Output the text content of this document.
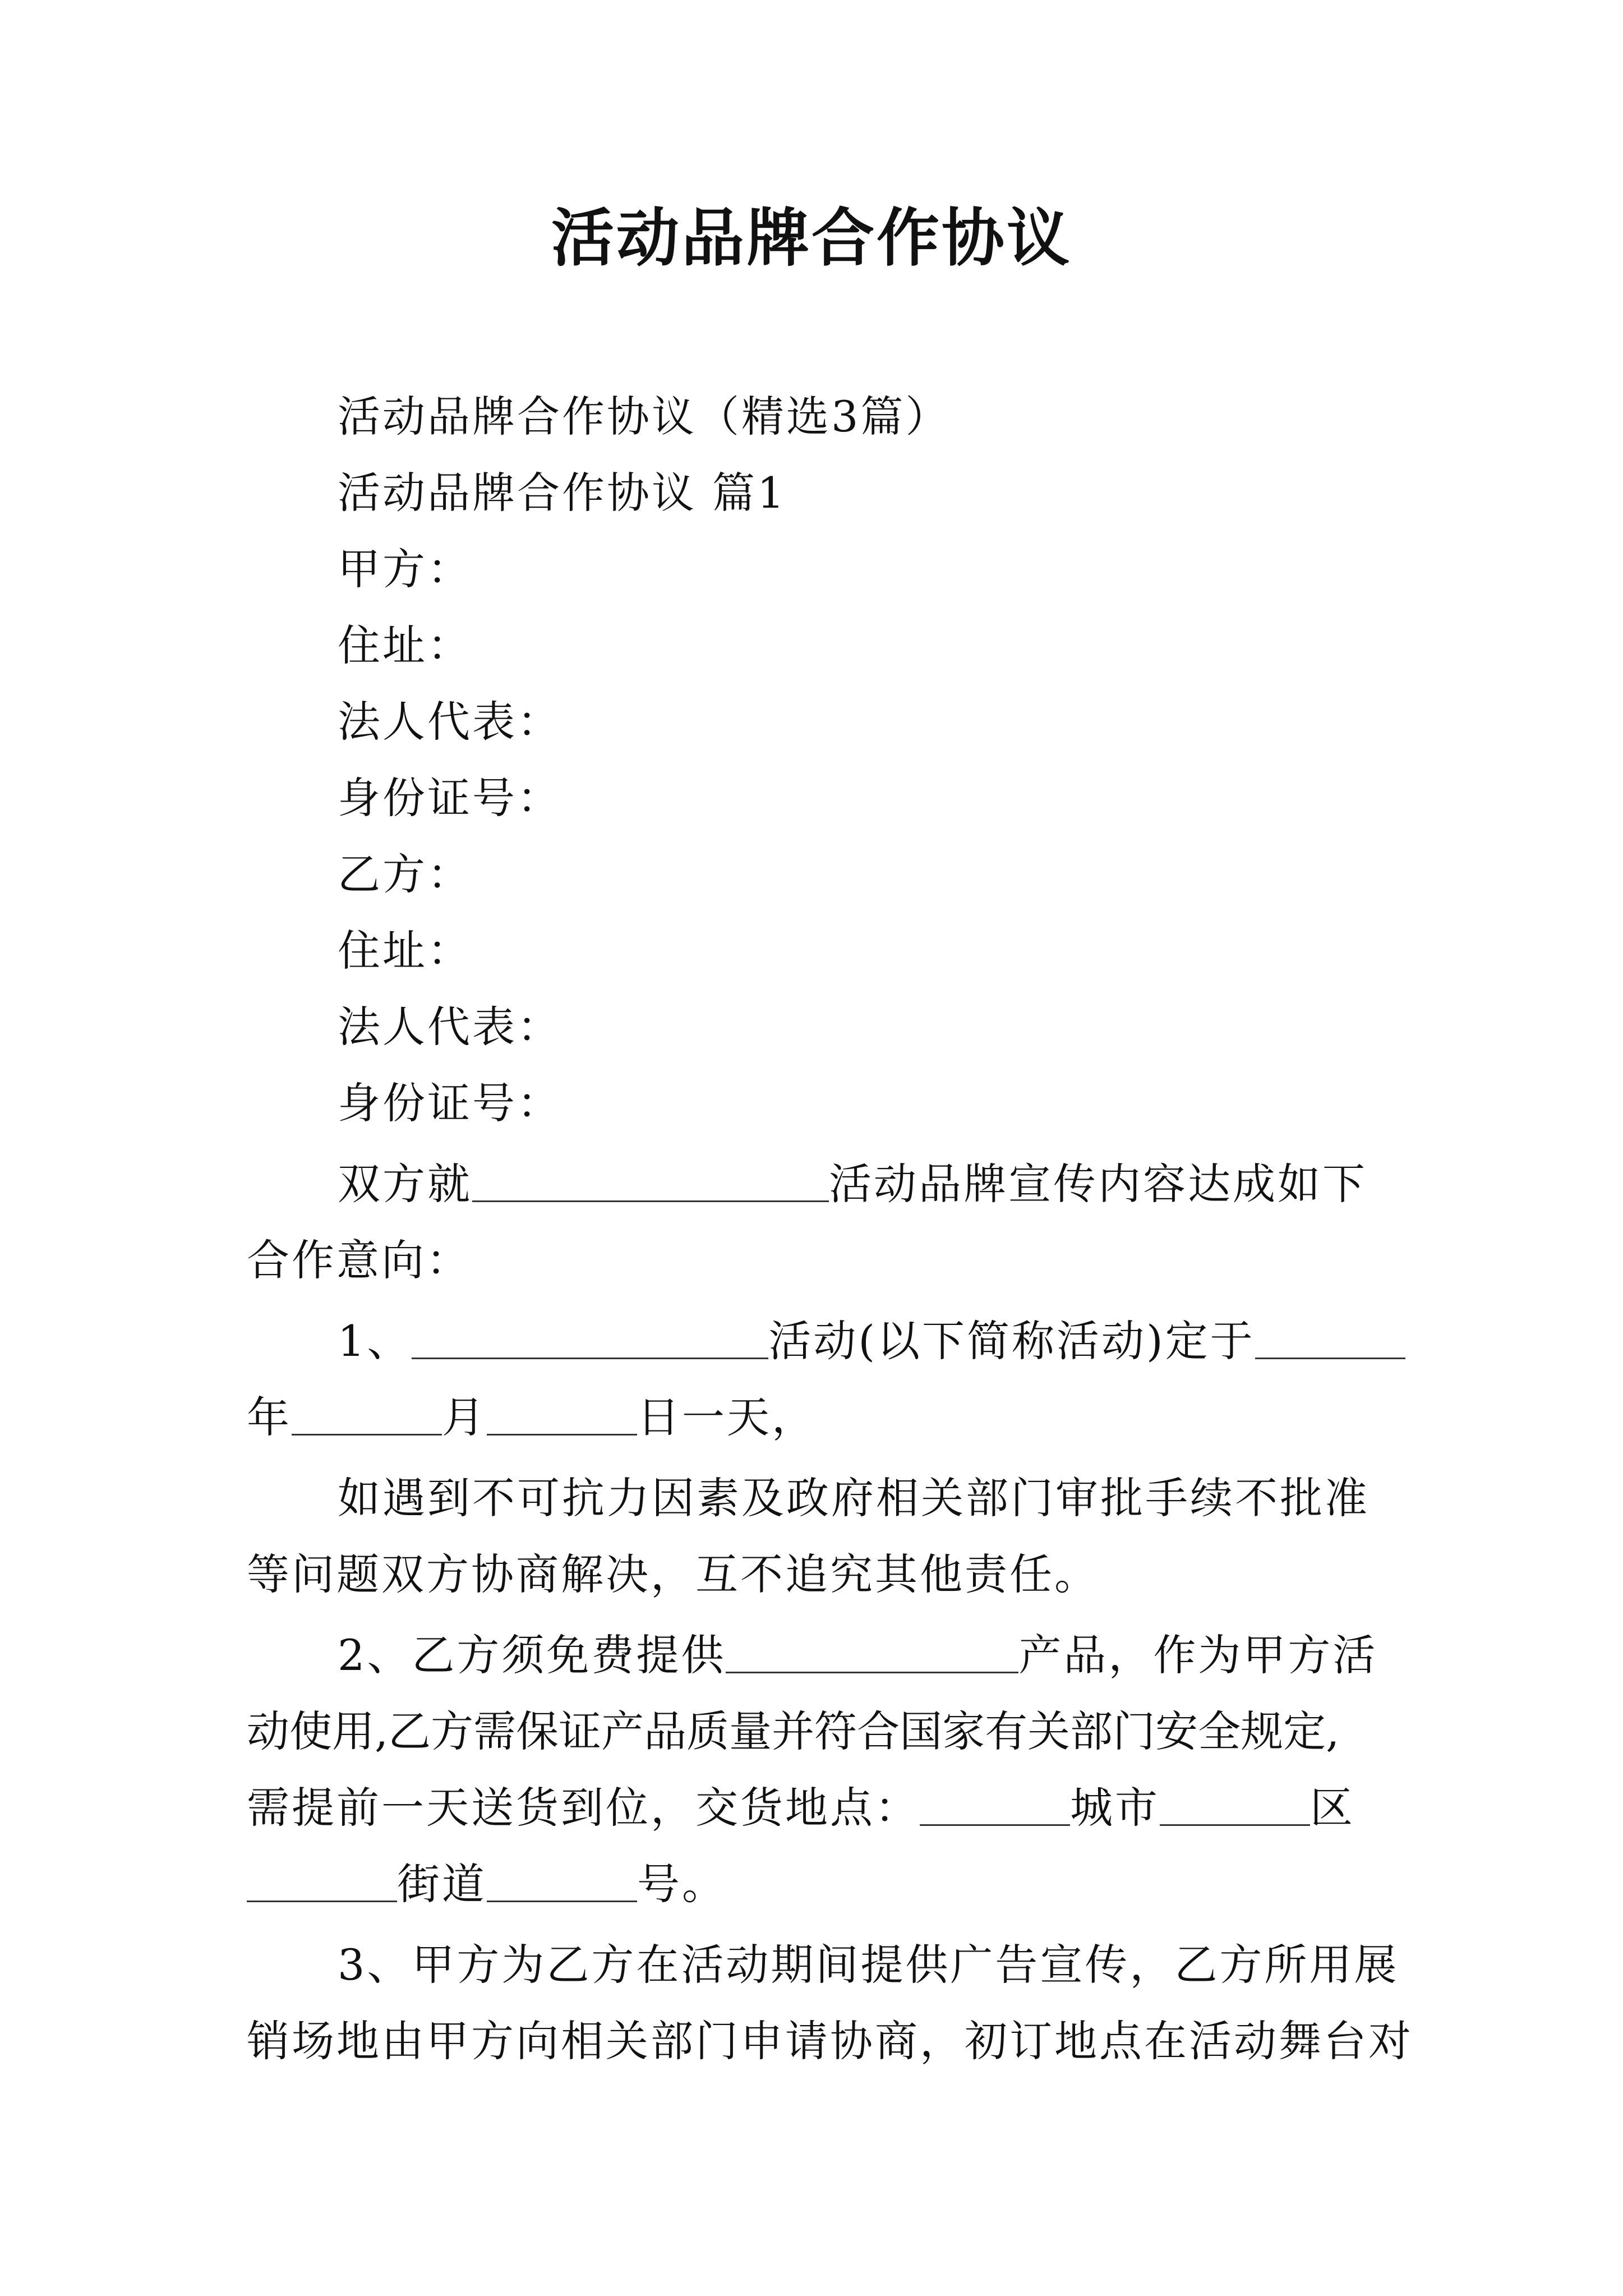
活动品牌合作协议
活动品牌合作协议（精选3篇）
活动品牌合作协议 篇1
甲方：
住址：
法人代表：
身份证号：
乙方：
住址：
法人代表：
身份证号：
双方就	活动品牌宣传内容达成如下
合作意向：
1、	活动(以下简称活动)定于
年	月	日一天，
如遇到不可抗力因素及政府相关部门审批手续不批准
等问题双方协商解决，互不追究其他责任。
2、乙方须免费提供	产品，作为甲方活
动使用,乙方需保证产品质量并符合国家有关部门安全规定,
需提前一天送货到位，交货地点：	城市	区
街道	号。
3、甲方为乙方在活动期间提供广告宣传，乙方所用展
销场地由甲方向相关部门申请协商，初订地点在活动舞台对
